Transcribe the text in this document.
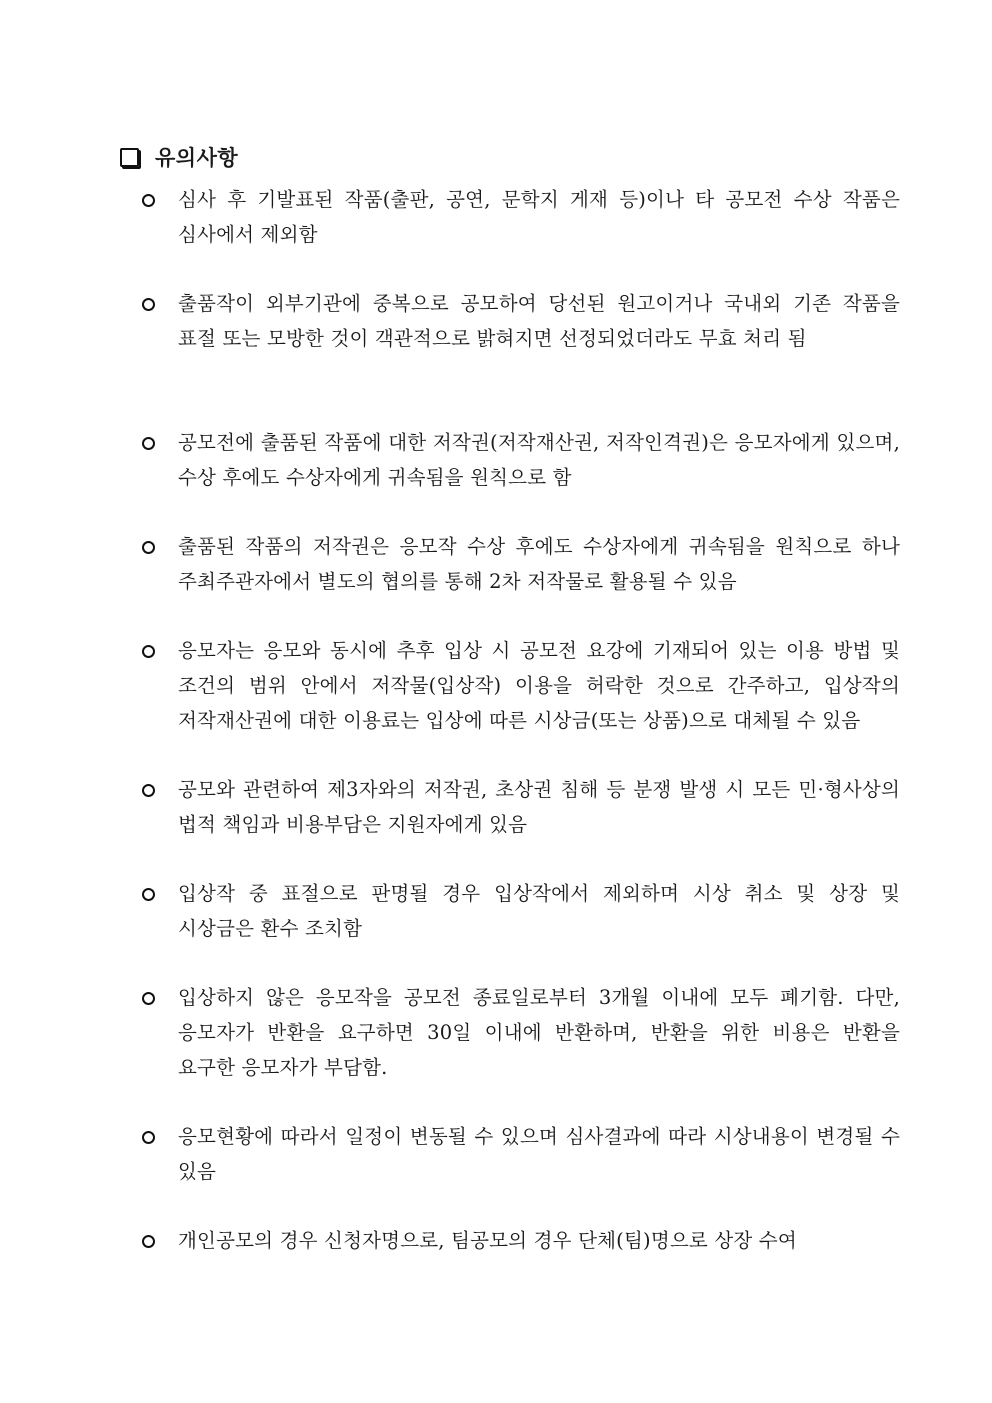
유의사항
심사 후 기발표된 작품(출판, 공연, 문학지 게재 등)이나 타 공모전 수상 작품은 심사에서 제외함
출품작이 외부기관에 중복으로 공모하여 당선된 원고이거나 국내외 기존 작품을 표절 또는 모방한 것이 객관적으로 밝혀지면 선정되었더라도 무효 처리 됨
공모전에 출품된 작품에 대한 저작권(저작재산권, 저작인격권)은 응모자에게 있으며, 수상 후에도 수상자에게 귀속됨을 원칙으로 함
출품된 작품의 저작권은 응모작 수상 후에도 수상자에게 귀속됨을 원칙으로 하나 주최주관자에서 별도의 협의를 통해 2차 저작물로 활용될 수 있음
응모자는 응모와 동시에 추후 입상 시 공모전 요강에 기재되어 있는 이용 방법 및 조건의 범위 안에서 저작물(입상작) 이용을 허락한 것으로 간주하고, 입상작의 저작재산권에 대한 이용료는 입상에 따른 시상금(또는 상품)으로 대체될 수 있음
공모와 관련하여 제3자와의 저작권, 초상권 침해 등 분쟁 발생 시 모든 민·형사상의 법적 책임과 비용부담은 지원자에게 있음
입상작 중 표절으로 판명될 경우 입상작에서 제외하며 시상 취소 및 상장 및 시상금은 환수 조치함
입상하지 않은 응모작을 공모전 종료일로부터 3개월 이내에 모두 폐기함. 다만, 응모자가 반환을 요구하면 30일 이내에 반환하며, 반환을 위한 비용은 반환을 요구한 응모자가 부담함.
응모현황에 따라서 일정이 변동될 수 있으며 심사결과에 따라 시상내용이 변경될 수 있음
개인공모의 경우 신청자명으로, 팀공모의 경우 단체(팀)명으로 상장 수여
